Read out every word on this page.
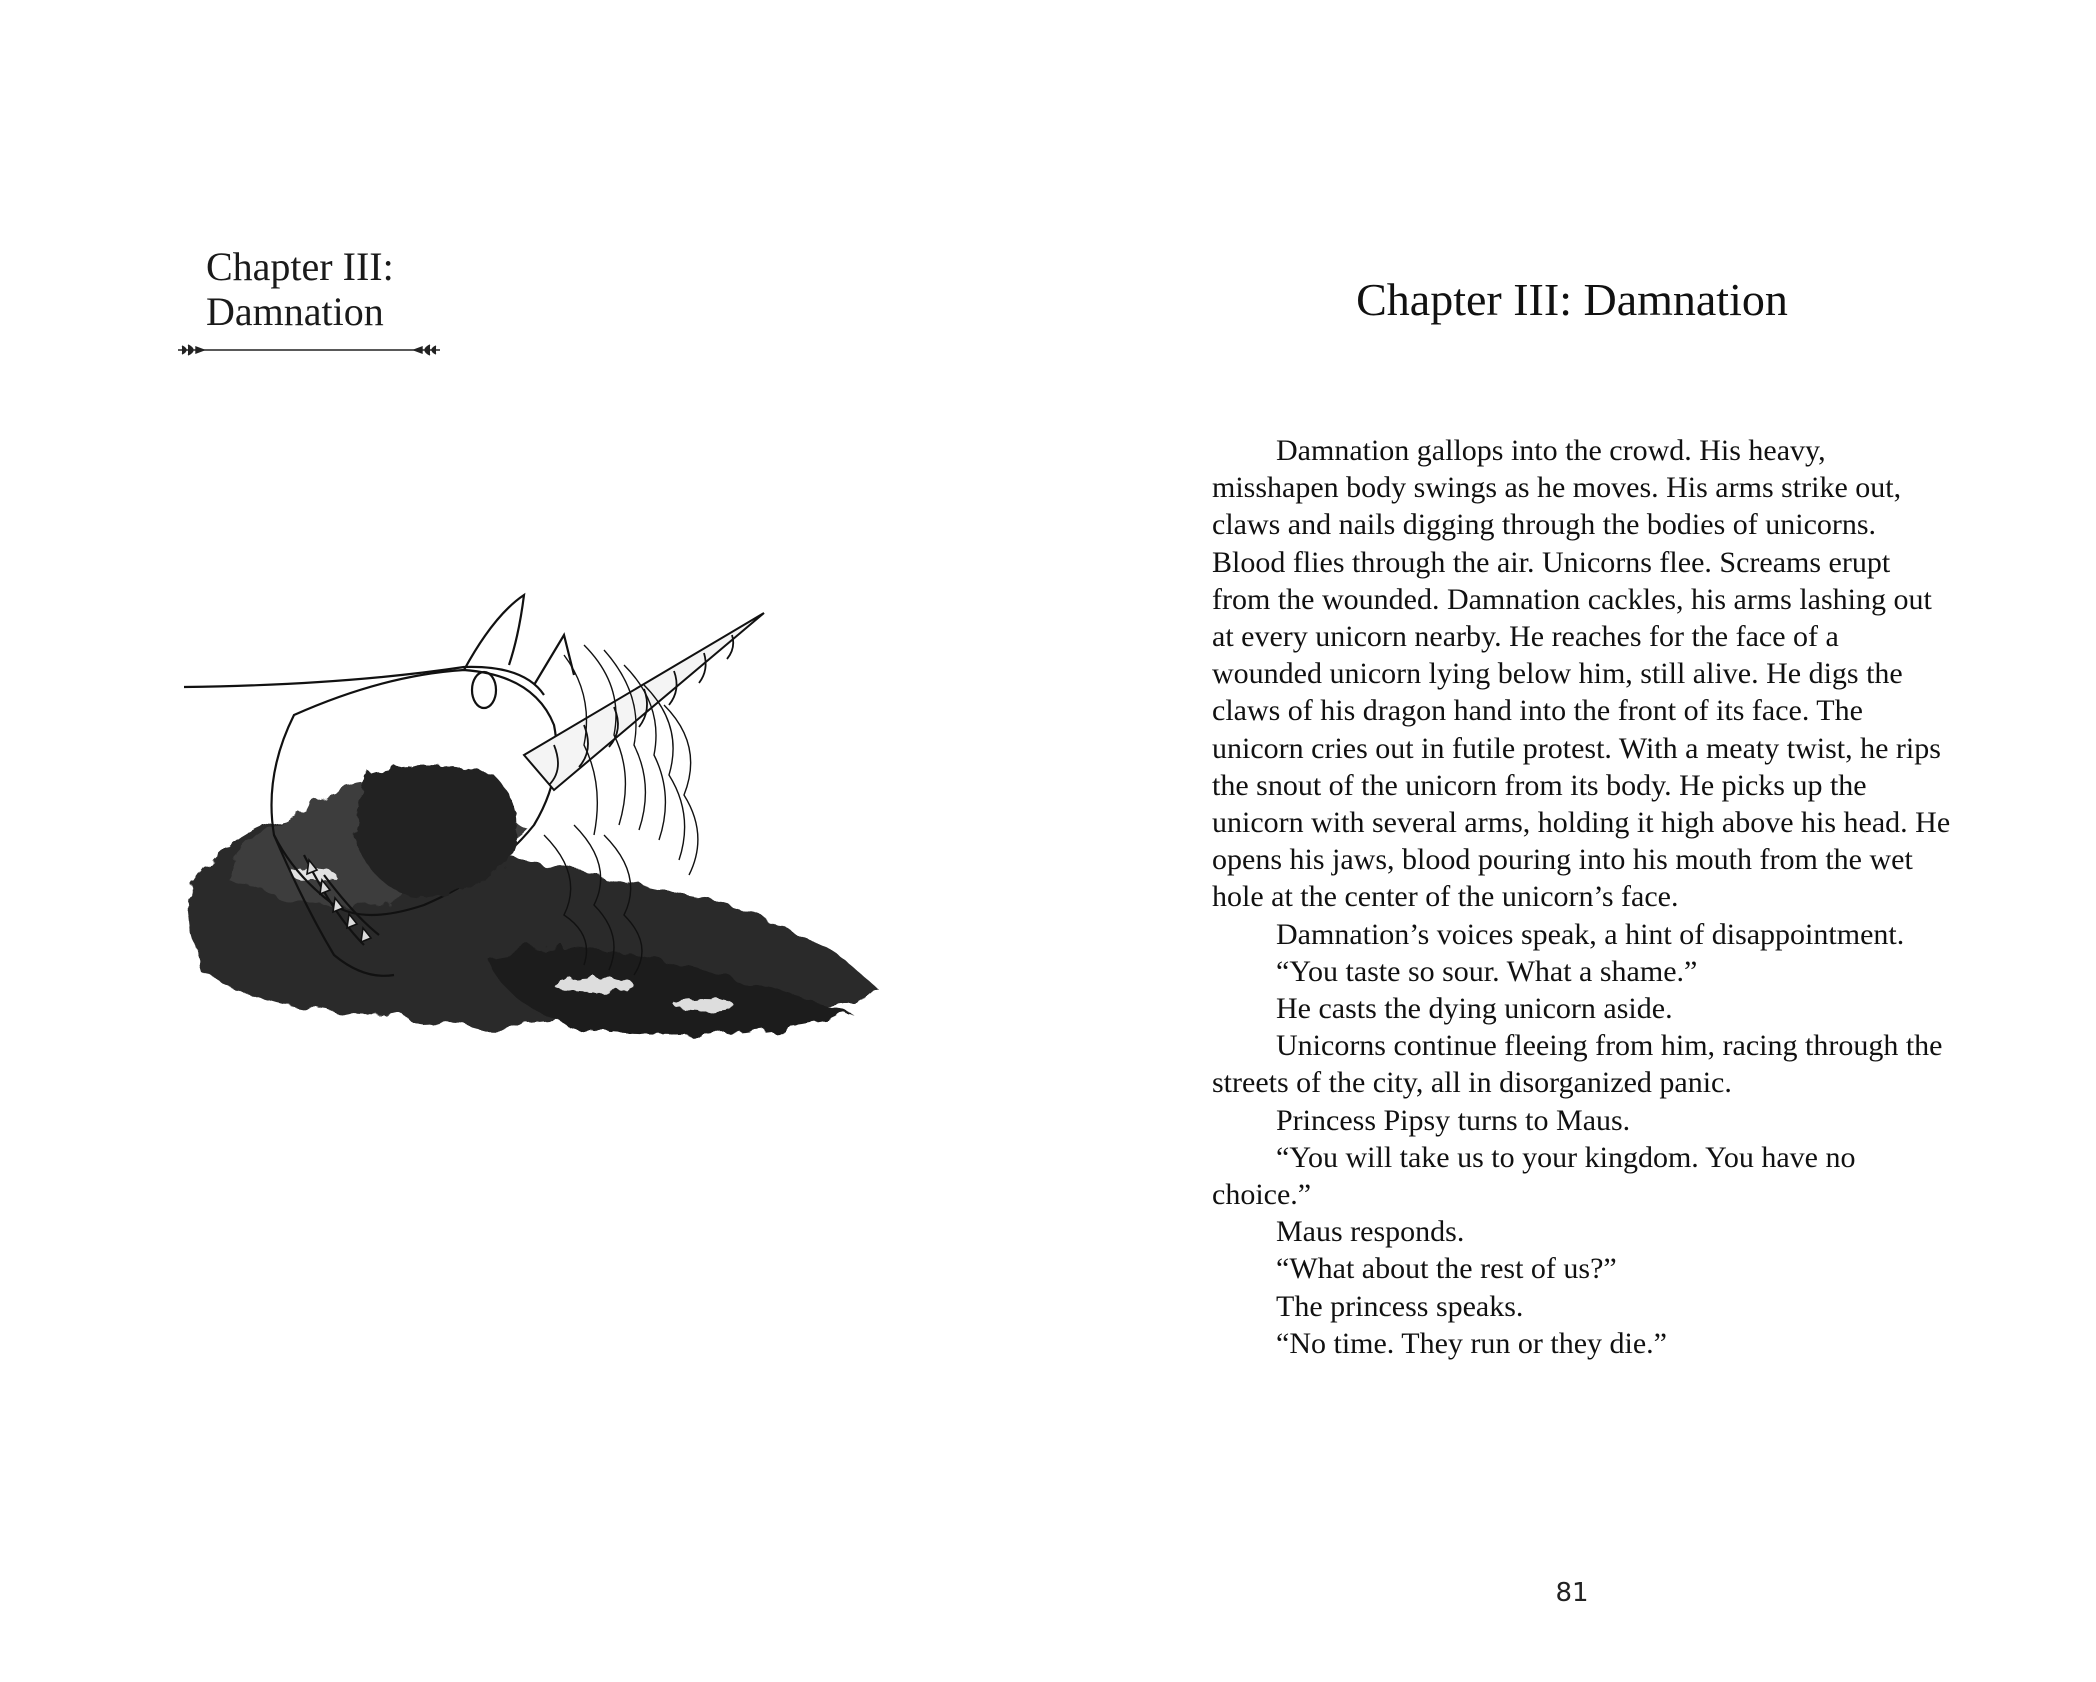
Chapter III:
Damnation	Chapter III: Damnation

Damnation gallops into the crowd. His heavy, misshapen body swings as he moves. His arms strike out, claws and nails digging through the bodies of unicorns. Blood flies through the air. Unicorns flee. Screams erupt from the wounded. Damnation cackles, his arms lashing out at every unicorn nearby. He reaches for the face of a wounded unicorn lying below him, still alive. He digs the claws of his dragon hand into the front of its face. The unicorn cries out in futile protest. With a meaty twist, he rips the snout of the unicorn from its body. He picks up the unicorn with several arms, holding it high above his head. He opens his jaws, blood pouring into his mouth from the wet hole at the center of the unicorn’s face.

Damnation’s voices speak, a hint of disappointment.

“You taste so sour. What a shame.”

He casts the dying unicorn aside.

Unicorns continue fleeing from him, racing through the streets of the city, all in disorganized panic.

Princess Pipsy turns to Maus.

“You will take us to your kingdom. You have no choice.”

Maus responds.

“What about the rest of us?”

The princess speaks.

“No time. They run or they die.”

81
